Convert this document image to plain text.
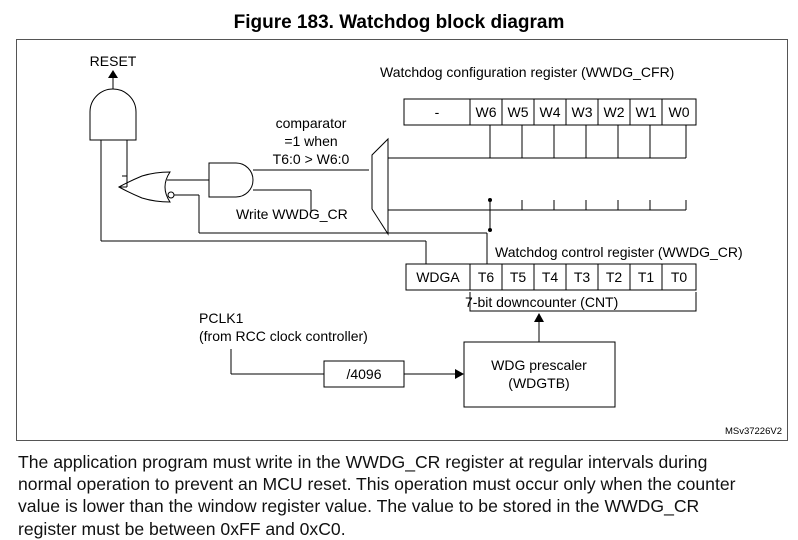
Figure 183. Watchdog block diagram
RESET
comparator
=1 when
T6:0 > W6:0
Write WWDG_CR
Watchdog configuration register (WWDG_CFR)
-	W6 W5 W4 W3 W2 W1 W0
Watchdog control register (WWDG_CR)
WDGA T6 T5 T4 T3 T2 T1 T0
7-bit downcounter (CNT)
PCLK1
(from RCC clock controller)
/4096
WDG prescaler
(WDGTB)
MSv37226V2
The application program must write in the WWDG_CR register at regular intervals during
normal operation to prevent an MCU reset. This operation must occur only when the counter
value is lower than the window register value. The value to be stored in the WWDG_CR
register must be between 0xFF and 0xC0.
